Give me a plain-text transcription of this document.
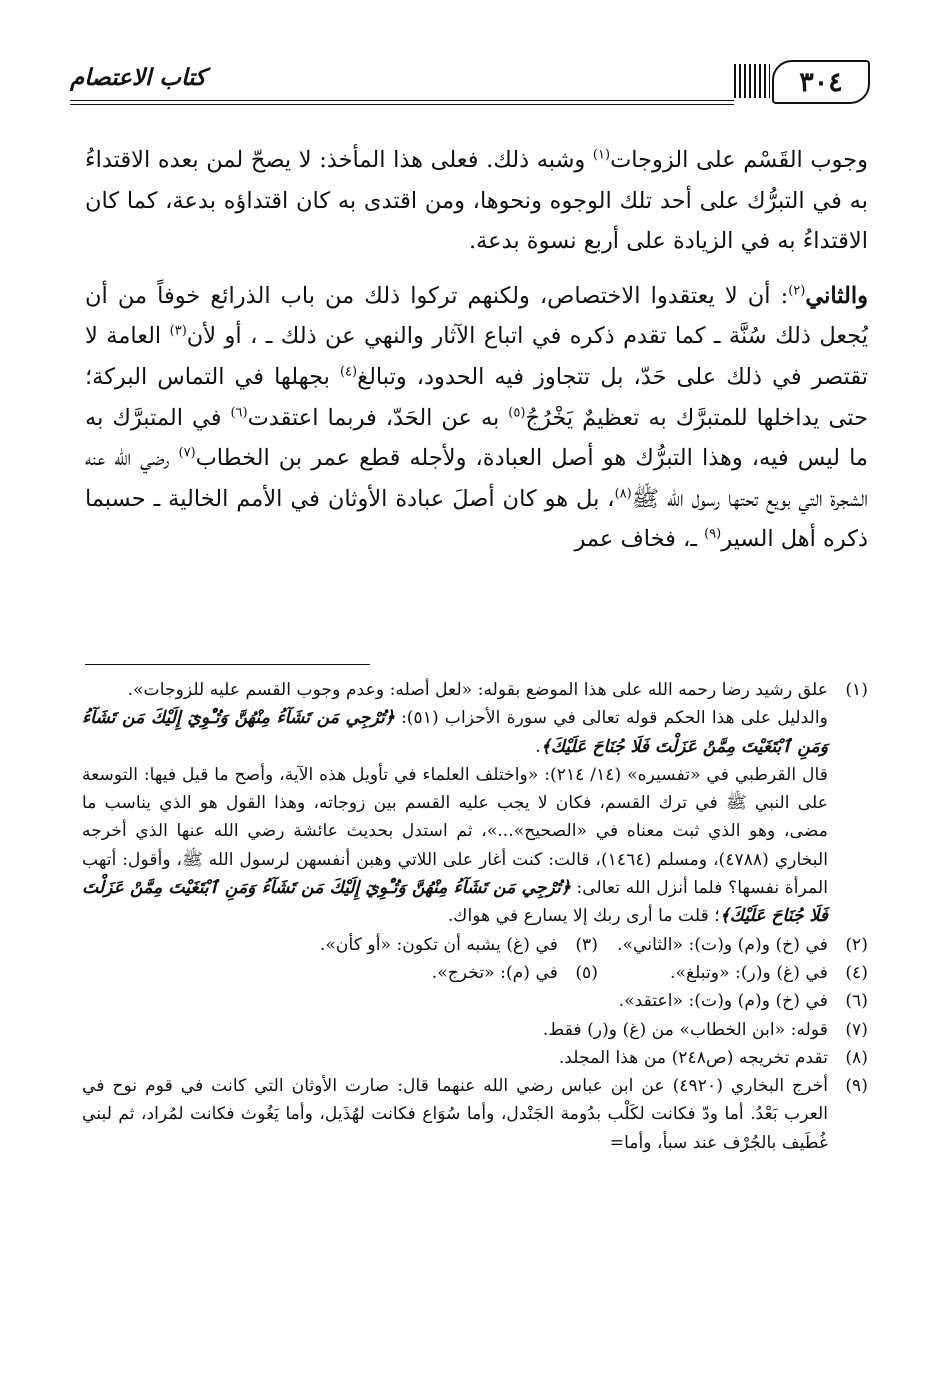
٣٠٤
كتاب الاعتصام

وجوب القَسْم على الزوجات$^{(١)}$ وشبه ذلك. فعلى هذا المأخذ: لا يصحّ لمن بعده الاقتداءُ به في التبرُّك على أحد تلك الوجوه ونحوها، ومن اقتدى به كان اقتداؤه بدعة، كما كان الاقتداءُ به في الزيادة على أربع نسوة بدعة.

والثاني$^{(٢)}$: أن لا يعتقدوا الاختصاص، ولكنهم تركوا ذلك من باب الذرائع خوفاً من أن يُجعل ذلك سُنَّة ـ كما تقدم ذكره في اتباع الآثار والنهي عن ذلك ـ ، أو لأن$^{(٣)}$ العامة لا تقتصر في ذلك على حَدّ، بل تتجاوز فيه الحدود، وتبالغ$^{(٤)}$ بجهلها في التماس البركة؛ حتى يداخلها للمتبرَّك به تعظيمٌ يَخْرُجُ$^{(٥)}$ به عن الحَدّ، فربما اعتقدت$^{(٦)}$ في المتبرَّك به ما ليس فيه، وهذا التبرُّك هو أصل العبادة، ولأجله قطع عمر بن الخطاب$^{(٧)}$ رضي الله عنه الشجرة التي بويع تحتها رسول الله ﷺ$^{(٨)}$، بل هو كان أصلَ عبادة الأوثان في الأمم الخالية ـ حسبما ذكره أهل السير$^{(٩)}$ ـ، فخاف عمر

(١)
علق رشيد رضا رحمه الله على هذا الموضع بقوله: «لعل أصله: وعدم وجوب القسم عليه للزوجات».

والدليل على هذا الحكم قوله تعالى في سورة الأحزاب (٥١): ﴿تُرْجِي مَن تَشَآءُ مِنْهُنَّ وَتُـْٔوِيٓ إِلَيْكَ مَن تَشَآءُ وَمَنِ ٱبْتَغَيْتَ مِمَّنْ عَزَلْتَ فَلَا جُنَاحَ عَلَيْكَ﴾.

قال القرطبي في «تفسيره» (١٤/ ٢١٤): «واختلف العلماء في تأويل هذه الآية، وأصح ما قيل فيها: التوسعة على النبي ﷺ في ترك القسم، فكان لا يجب عليه القسم بين زوجاته، وهذا القول هو الذي يناسب ما مضى، وهو الذي ثبت معناه في «الصحيح»...»، ثم استدل بحديث عائشة رضي الله عنها الذي أخرجه البخاري (٤٧٨٨)، ومسلم (١٤٦٤)، قالت: كنت أغار على اللاتي وهبن أنفسهن لرسول الله ﷺ، وأقول: أتهب المرأة نفسها؟ فلما أنزل الله تعالى: ﴿تُرْجِي مَن تَشَآءُ مِنْهُنَّ وَتُـْٔوِيٓ إِلَيْكَ مَن تَشَآءُ وَمَنِ ٱبْتَغَيْتَ مِمَّنْ عَزَلْتَ فَلَا جُنَاحَ عَلَيْكَ﴾؛ قلت ما أرى ربك إلا يسارع في هواك.

(٢)
في (خ) و(م) و(ت): «الثاني».
(٣)
في (غ) يشبه أن تكون: «أو كأن».
(٤)
في (غ) و(ر): «وتبلغ».
(٥)
في (م): «تخرج».
(٦)
في (خ) و(م) و(ت): «اعتقد».
(٧)
قوله: «ابن الخطاب» من (غ) و(ر) فقط.
(٨)
تقدم تخريجه (ص٢٤٨) من هذا المجلد.
(٩)
أخرج البخاري (٤٩٢٠) عن ابن عباس رضي الله عنهما قال: صارت الأوثان التي كانت في قوم نوح في العرب بَعْدُ. أما ودّ فكانت لكَلْب بدُومة الجَنْدل، وأما سُوَاع فكانت لهُذَيل، وأما يَغُوث فكانت لمُراد، ثم لبني غُطَيف بالجُرْف عند سبأ، وأما=
